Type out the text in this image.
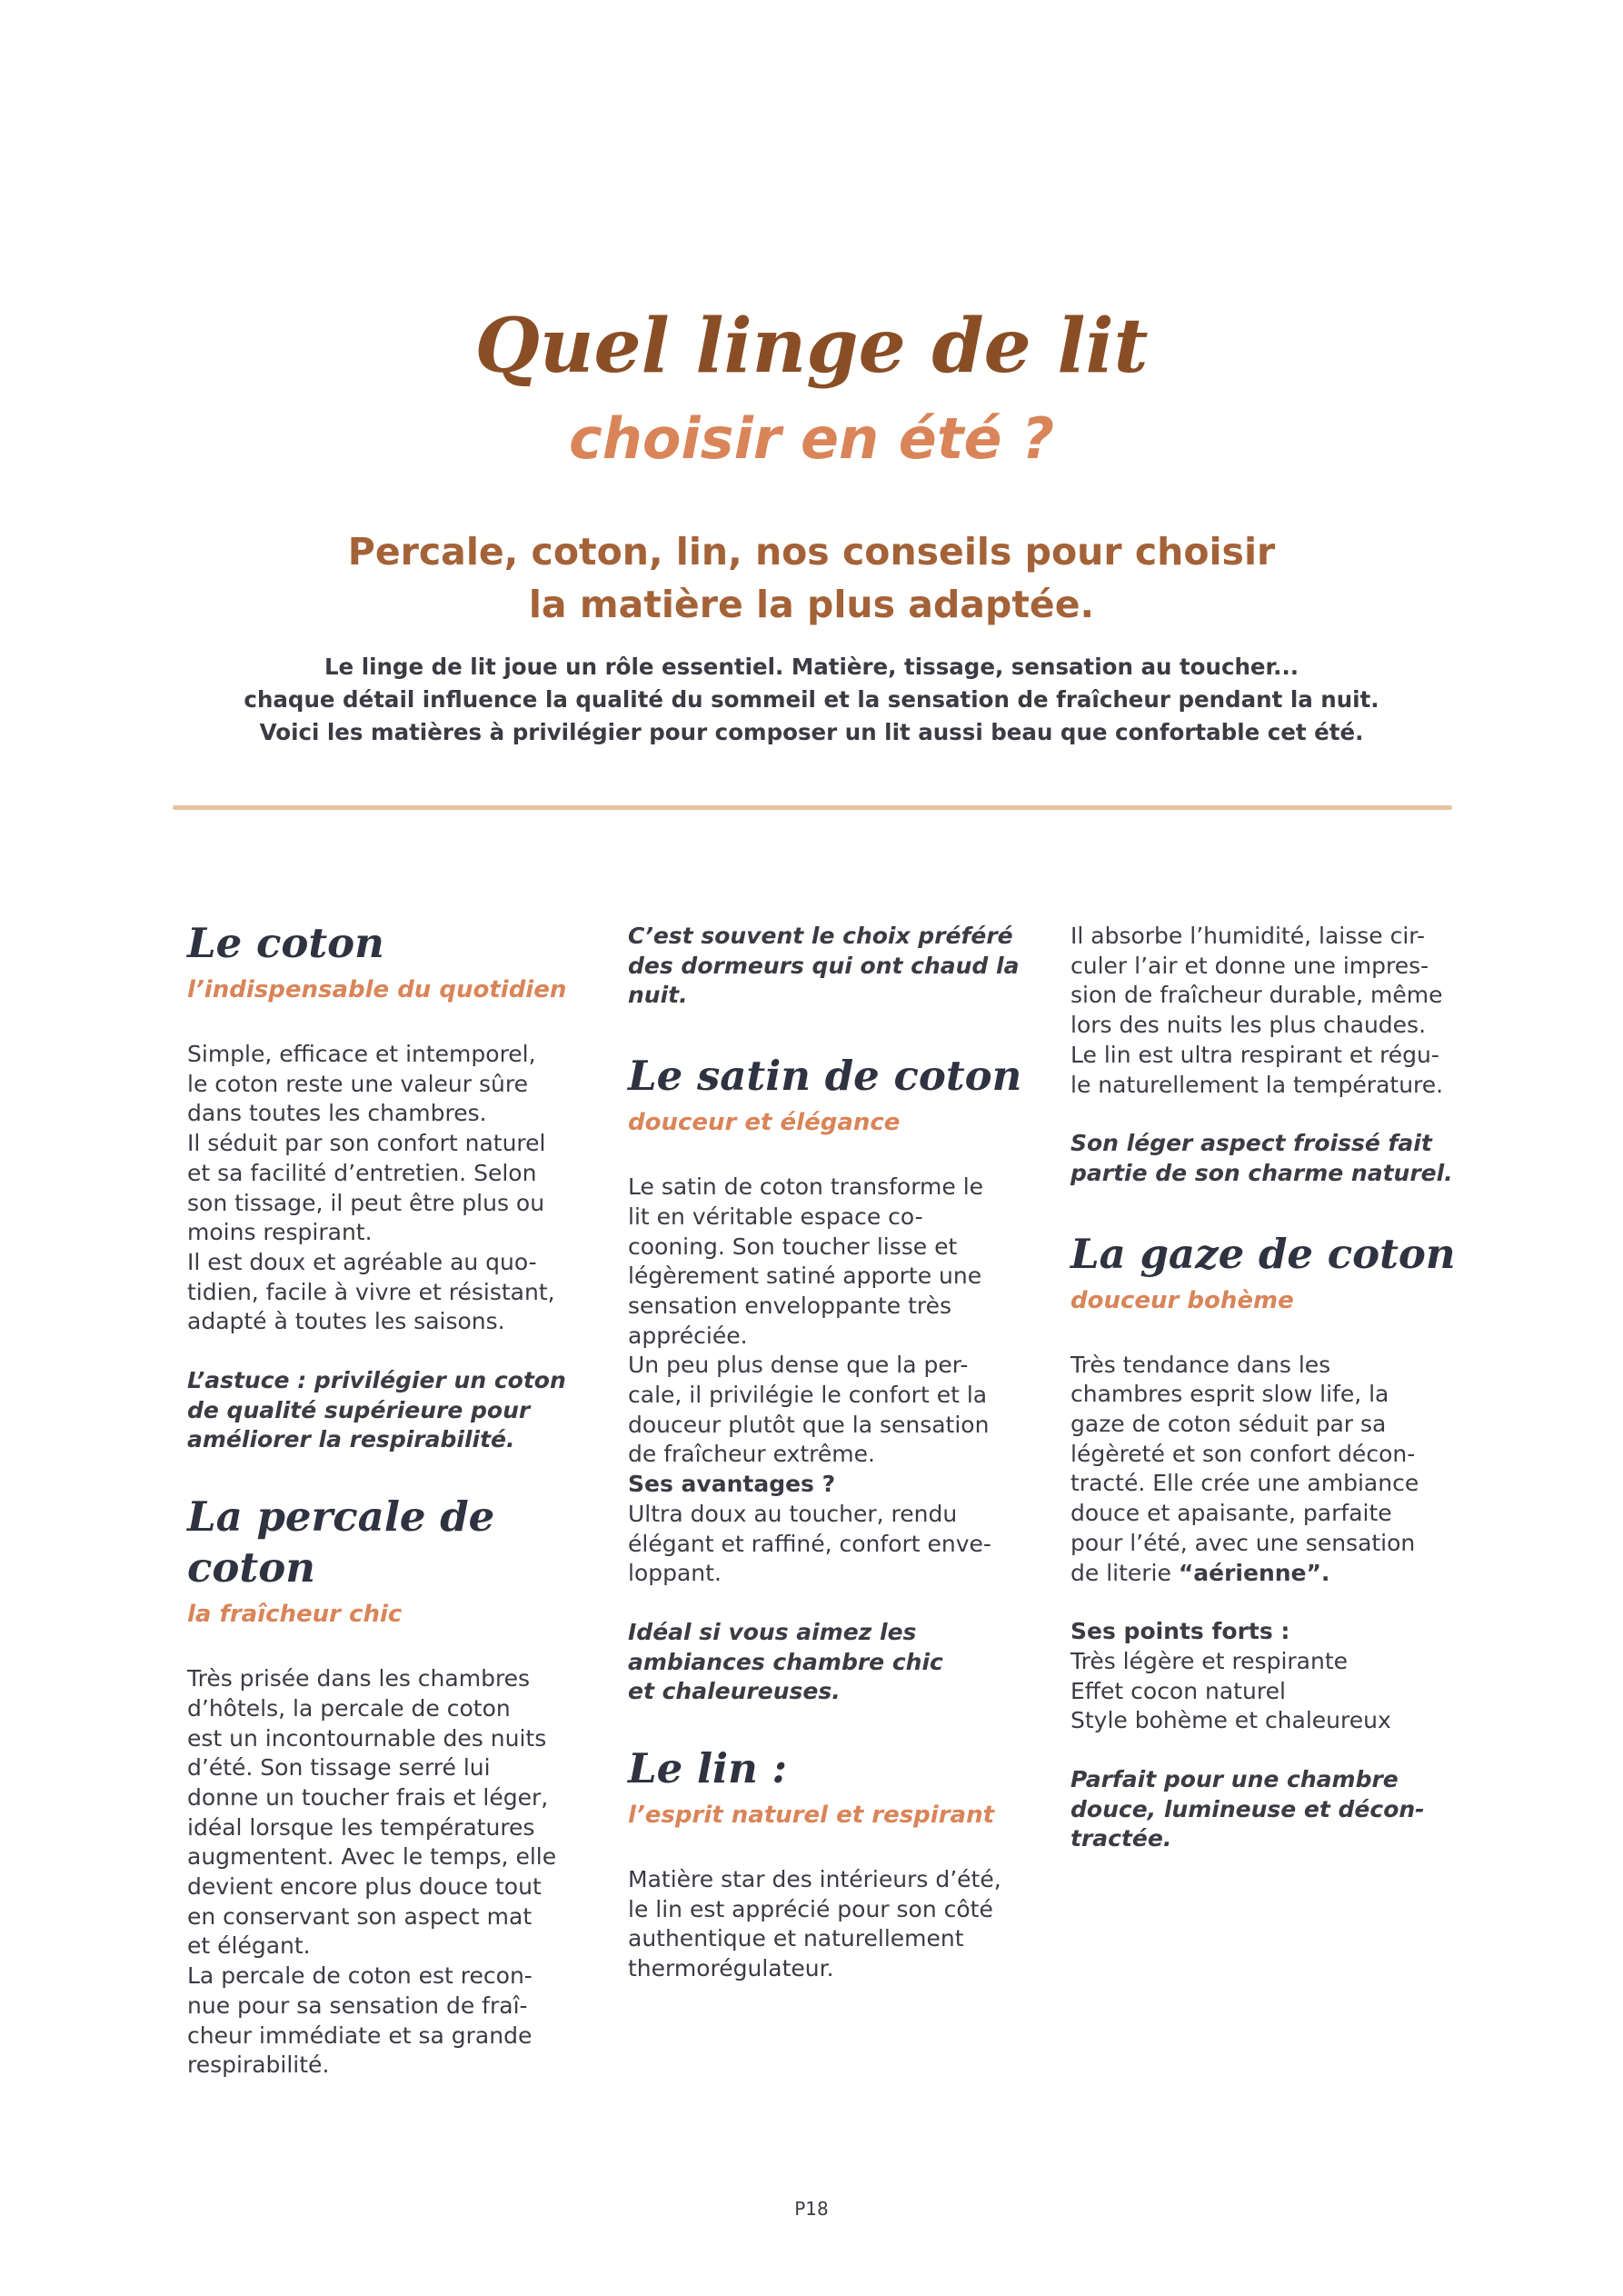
Quel linge de lit
choisir en été ?
Percale, coton, lin, nos conseils pour choisir
la matière la plus adaptée.
Le linge de lit joue un rôle essentiel. Matière, tissage, sensation au toucher...
chaque détail influence la qualité du sommeil et la sensation de fraîcheur pendant la nuit.
Voici les matières à privilégier pour composer un lit aussi beau que confortable cet été.
Le coton
l’indispensable du quotidien

Simple, efficace et intemporel,
le coton reste une valeur sûre
dans toutes les chambres.
Il séduit par son confort naturel
et sa facilité d’entretien. Selon
son tissage, il peut être plus ou
moins respirant.
Il est doux et agréable au quo-
tidien, facile à vivre et résistant,
adapté à toutes les saisons.

L’astuce : privilégier un coton
de qualité supérieure pour
améliorer la respirabilité.

La percale de coton
la fraîcheur chic

Très prisée dans les chambres
d’hôtels, la percale de coton
est un incontournable des nuits
d’été. Son tissage serré lui
donne un toucher frais et léger,
idéal lorsque les températures
augmentent. Avec le temps, elle
devient encore plus douce tout
en conservant son aspect mat
et élégant.
La percale de coton est recon-
nue pour sa sensation de fraî-
cheur immédiate et sa grande
respirabilité.

C’est souvent le choix préféré
des dormeurs qui ont chaud la
nuit.

Le satin de coton
douceur et élégance

Le satin de coton transforme le
lit en véritable espace co-
cooning. Son toucher lisse et
légèrement satiné apporte une
sensation enveloppante très
appréciée.
Un peu plus dense que la per-
cale, il privilégie le confort et la
douceur plutôt que la sensation
de fraîcheur extrême.

Ses avantages ?

Ultra doux au toucher, rendu
élégant et raffiné, confort enve-
loppant.

Idéal si vous aimez les
ambiances chambre chic
et chaleureuses.

Le lin :
l’esprit naturel et respirant

Matière star des intérieurs d’été,
le lin est apprécié pour son côté
authentique et naturellement
thermorégulateur.

Il absorbe l’humidité, laisse cir-
culer l’air et donne une impres-
sion de fraîcheur durable, même
lors des nuits les plus chaudes.
Le lin est ultra respirant et régu-
le naturellement la température.

Son léger aspect froissé fait
partie de son charme naturel.

La gaze de coton
douceur bohème

Très tendance dans les
chambres esprit slow life, la
gaze de coton séduit par sa
légèreté et son confort décon-
tracté. Elle crée une ambiance
douce et apaisante, parfaite
pour l’été, avec une sensation
de literie “aérienne”.

Ses points forts :
Très légère et respirante
Effet cocon naturel
Style bohème et chaleureux

Parfait pour une chambre
douce, lumineuse et décon-
tractée.

P18
